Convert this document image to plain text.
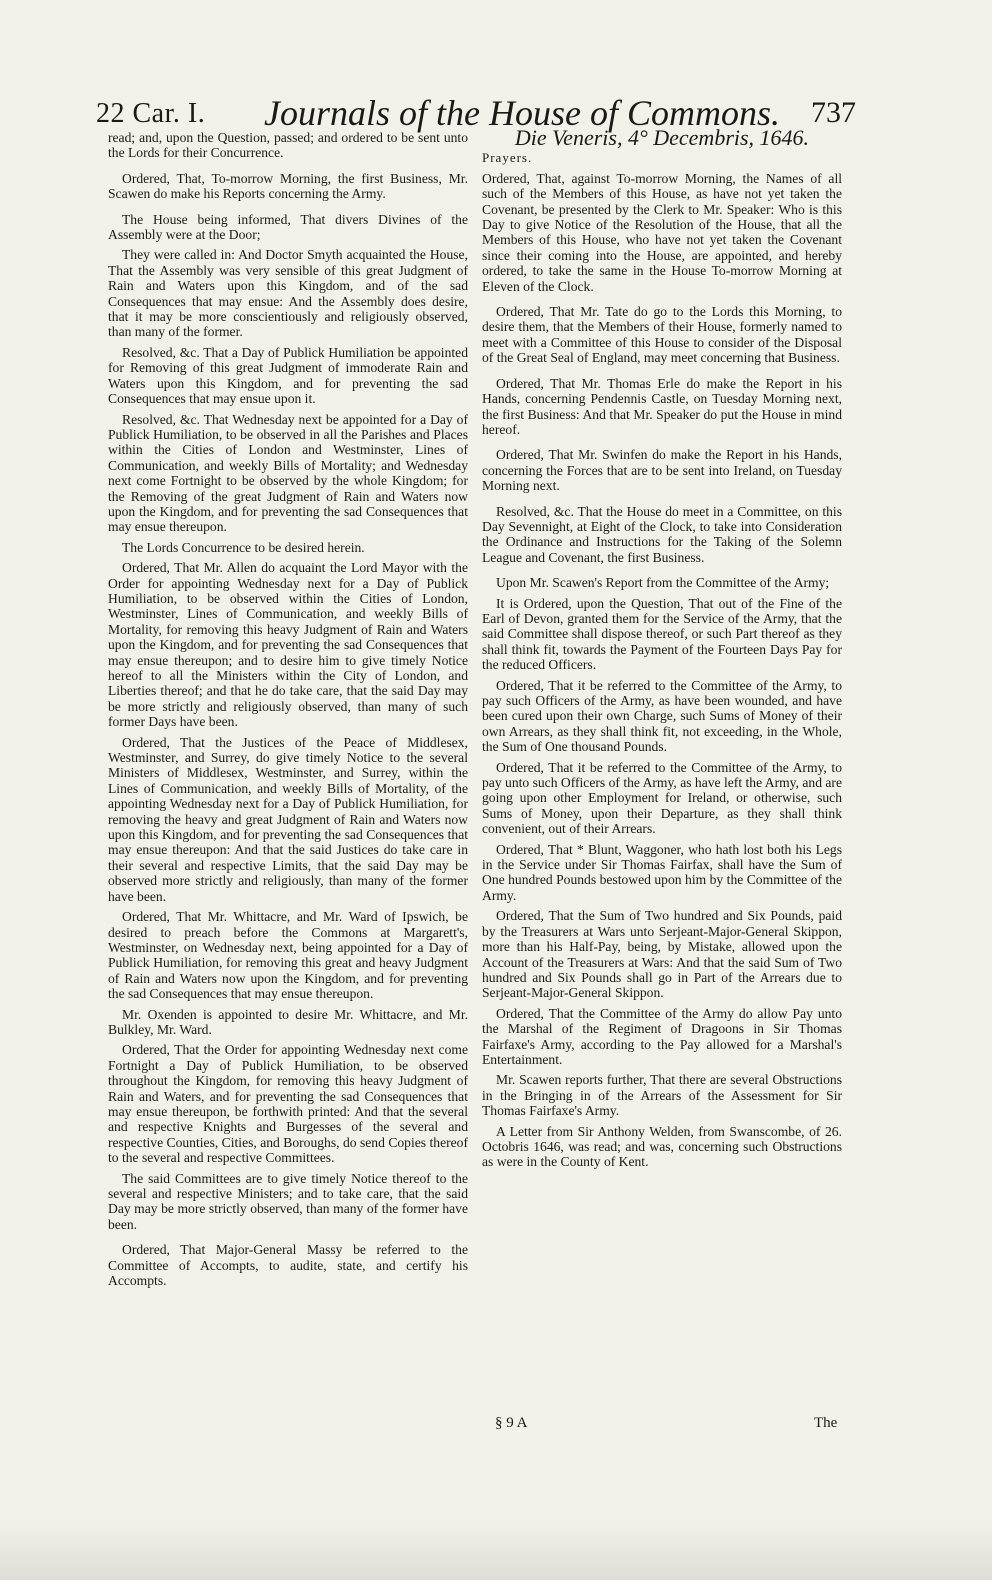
22 Car. I. Journals of the House of Commons. 737

read; and, upon the Question, passed; and ordered to be sent unto the Lords for their Concurrence.

Ordered, That, To-morrow Morning, the first Business, Mr. Scawen do make his Reports concerning the Army.

The House being informed, That divers Divines of the Assembly were at the Door;

They were called in: And Doctor Smyth acquainted the House, That the Assembly was very sensible of this great Judgment of Rain and Waters upon this Kingdom, and of the sad Consequences that may ensue: And the Assembly does desire, that it may be more conscientiously and religiously observed, than many of the former.

Resolved, &c. That a Day of Publick Humiliation be appointed for Removing of this great Judgment of immoderate Rain and Waters upon this Kingdom, and for preventing the sad Consequences that may ensue upon it.

Resolved, &c. That Wednesday next be appointed for a Day of Publick Humiliation, to be observed in all the Parishes and Places within the Cities of London and Westminster, Lines of Communication, and weekly Bills of Mortality; and Wednesday next come Fortnight to be observed by the whole Kingdom; for the Removing of the great Judgment of Rain and Waters now upon the Kingdom, and for preventing the sad Consequences that may ensue thereupon.

The Lords Concurrence to be desired herein.

Ordered, That Mr. Allen do acquaint the Lord Mayor with the Order for appointing Wednesday next for a Day of Publick Humiliation, to be observed within the Cities of London, Westminster, Lines of Communication, and weekly Bills of Mortality, for removing this heavy Judgment of Rain and Waters upon the Kingdom, and for preventing the sad Consequences that may ensue thereupon; and to desire him to give timely Notice hereof to all the Ministers within the City of London, and Liberties thereof; and that he do take care, that the said Day may be more strictly and religiously observed, than many of such former Days have been.

Ordered, That the Justices of the Peace of Middlesex, Westminster, and Surrey, do give timely Notice to the several Ministers of Middlesex, Westminster, and Surrey, within the Lines of Communication, and weekly Bills of Mortality, of the appointing Wednesday next for a Day of Publick Humiliation, for removing the heavy and great Judgment of Rain and Waters now upon this Kingdom, and for preventing the sad Consequences that may ensue thereupon: And that the said Justices do take care in their several and respective Limits, that the said Day may be observed more strictly and religiously, than many of the former have been.

Ordered, That Mr. Whittacre, and Mr. Ward of Ipswich, be desired to preach before the Commons at Margarett's, Westminster, on Wednesday next, being appointed for a Day of Publick Humiliation, for removing this great and heavy Judgment of Rain and Waters now upon the Kingdom, and for preventing the sad Consequences that may ensue thereupon.

Mr. Oxenden is appointed to desire Mr. Whittacre, and Mr. Bulkley, Mr. Ward.

Ordered, That the Order for appointing Wednesday next come Fortnight a Day of Publick Humiliation, to be observed throughout the Kingdom, for removing this heavy Judgment of Rain and Waters, and for preventing the sad Consequences that may ensue thereupon, be forthwith printed: And that the several and respective Knights and Burgesses of the several and respective Counties, Cities, and Boroughs, do send Copies thereof to the several and respective Committees.

The said Committees are to give timely Notice thereof to the several and respective Ministers; and to take care, that the said Day may be more strictly observed, than many of the former have been.

Ordered, That Major-General Massy be referred to the Committee of Accompts, to audite, state, and certify his Accompts.

Die Veneris, 4° Decembris, 1646.

Prayers.

Ordered, That, against To-morrow Morning, the Names of all such of the Members of this House, as have not yet taken the Covenant, be presented by the Clerk to Mr. Speaker: Who is this Day to give Notice of the Resolution of the House, that all the Members of this House, who have not yet taken the Covenant since their coming into the House, are appointed, and hereby ordered, to take the same in the House To-morrow Morning at Eleven of the Clock.

Ordered, That Mr. Tate do go to the Lords this Morning, to desire them, that the Members of their House, formerly named to meet with a Committee of this House to consider of the Disposal of the Great Seal of England, may meet concerning that Business.

Ordered, That Mr. Thomas Erle do make the Report in his Hands, concerning Pendennis Castle, on Tuesday Morning next, the first Business: And that Mr. Speaker do put the House in mind hereof.

Ordered, That Mr. Swinfen do make the Report in his Hands, concerning the Forces that are to be sent into Ireland, on Tuesday Morning next.

Resolved, &c. That the House do meet in a Committee, on this Day Sevennight, at Eight of the Clock, to take into Consideration the Ordinance and Instructions for the Taking of the Solemn League and Covenant, the first Business.

Upon Mr. Scawen's Report from the Committee of the Army;

It is Ordered, upon the Question, That out of the Fine of the Earl of Devon, granted them for the Service of the Army, that the said Committee shall dispose thereof, or such Part thereof as they shall think fit, towards the Payment of the Fourteen Days Pay for the reduced Officers.

Ordered, That it be referred to the Committee of the Army, to pay such Officers of the Army, as have been wounded, and have been cured upon their own Charge, such Sums of Money of their own Arrears, as they shall think fit, not exceeding, in the Whole, the Sum of One thousand Pounds.

Ordered, That it be referred to the Committee of the Army, to pay unto such Officers of the Army, as have left the Army, and are going upon other Employment for Ireland, or otherwise, such Sums of Money, upon their Departure, as they shall think convenient, out of their Arrears.

Ordered, That * Blunt, Waggoner, who hath lost both his Legs in the Service under Sir Thomas Fairfax, shall have the Sum of One hundred Pounds bestowed upon him by the Committee of the Army.

Ordered, That the Sum of Two hundred and Six Pounds, paid by the Treasurers at Wars unto Serjeant-Major-General Skippon, more than his Half-Pay, being, by Mistake, allowed upon the Account of the Treasurers at Wars: And that the said Sum of Two hundred and Six Pounds shall go in Part of the Arrears due to Serjeant-Major-General Skippon.

Ordered, That the Committee of the Army do allow Pay unto the Marshal of the Regiment of Dragoons in Sir Thomas Fairfaxe's Army, according to the Pay allowed for a Marshal's Entertainment.

Mr. Scawen reports further, That there are several Obstructions in the Bringing in of the Arrears of the Assessment for Sir Thomas Fairfaxe's Army.

A Letter from Sir Anthony Welden, from Swanscombe, of 26. Octobris 1646, was read; and was, concerning such Obstructions as were in the County of Kent.

§ 9 A	The
